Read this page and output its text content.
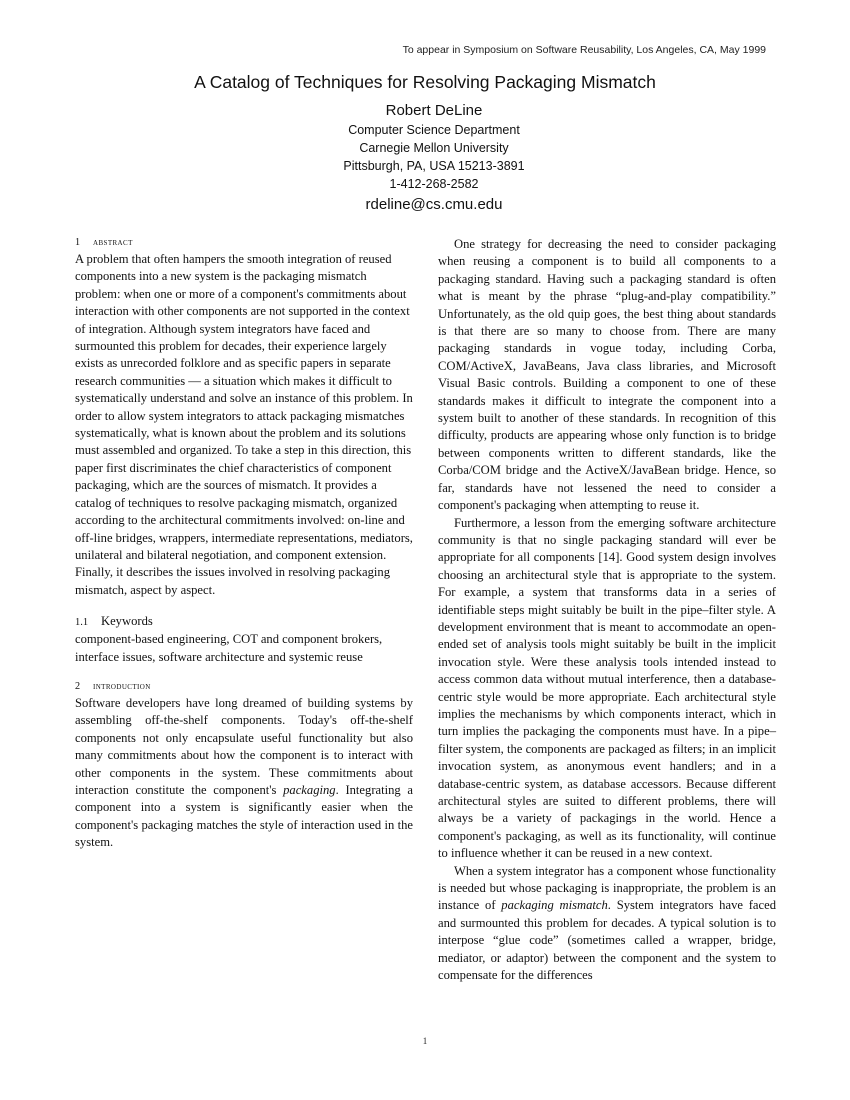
To appear in Symposium on Software Reusability, Los Angeles, CA, May 1999
A Catalog of Techniques for Resolving Packaging Mismatch
Robert DeLine
Computer Science Department
Carnegie Mellon University
Pittsburgh, PA, USA 15213-3891
1-412-268-2582
rdeline@cs.cmu.edu
1 abstract

A problem that often hampers the smooth integration of reused components into a new system is the packaging mismatch problem: when one or more of a component's commitments about interaction with other components are not supported in the context of integration. Although system integrators have faced and surmounted this problem for decades, their experience largely exists as unrecorded folklore and as specific papers in separate research communities — a situation which makes it difficult to systematically understand and solve an instance of this problem. In order to allow system integrators to attack packaging mismatches systematically, what is known about the problem and its solutions must assembled and organized. To take a step in this direction, this paper first discriminates the chief characteristics of component packaging, which are the sources of mismatch. It provides a catalog of techniques to resolve packaging mismatch, organized according to the architectural commitments involved: on-line and off-line bridges, wrappers, intermediate representations, mediators, unilateral and bilateral negotiation, and component extension. Finally, it describes the issues involved in resolving packaging mismatch, aspect by aspect.

1.1 Keywords

component-based engineering, COT and component brokers, interface issues, software architecture and systemic reuse

2 introduction

Software developers have long dreamed of building systems by assembling off-the-shelf components. Today's off-the-shelf components not only encapsulate useful functionality but also many commitments about how the component is to interact with other components in the system. These commitments about interaction constitute the component's packaging. Integrating a component into a system is significantly easier when the component's packaging matches the style of interaction used in the system.

One strategy for decreasing the need to consider packaging when reusing a component is to build all components to a packaging standard. Having such a packaging standard is often what is meant by the phrase “plug-and-play compatibility.” Unfortunately, as the old quip goes, the best thing about standards is that there are so many to choose from. There are many packaging standards in vogue today, including Corba, COM/ActiveX, JavaBeans, Java class libraries, and Microsoft Visual Basic controls. Building a component to one of these standards makes it difficult to integrate the component into a system built to another of these standards. In recognition of this difficulty, products are appearing whose only function is to bridge between components written to different standards, like the Corba/COM bridge and the ActiveX/JavaBean bridge. Hence, so far, standards have not lessened the need to consider a component's packaging when attempting to reuse it.

Furthermore, a lesson from the emerging software architecture community is that no single packaging standard will ever be appropriate for all components [14]. Good system design involves choosing an architectural style that is appropriate to the system. For example, a system that transforms data in a series of identifiable steps might suitably be built in the pipe–filter style. A development environment that is meant to accommodate an open-ended set of analysis tools might suitably be built in the implicit invocation style. Were these analysis tools intended instead to access common data without mutual interference, then a database-centric style would be more appropriate. Each architectural style implies the mechanisms by which components interact, which in turn implies the packaging the components must have. In a pipe–filter system, the components are packaged as filters; in an implicit invocation system, as anonymous event handlers; and in a database-centric system, as database accessors. Because different architectural styles are suited to different problems, there will always be a variety of packagings in the world. Hence a component's packaging, as well as its functionality, will continue to influence whether it can be reused in a new context.

When a system integrator has a component whose functionality is needed but whose packaging is inappropriate, the problem is an instance of packaging mismatch. System integrators have faced and surmounted this problem for decades. A typical solution is to interpose “glue code” (sometimes called a wrapper, bridge, mediator, or adaptor) between the component and the system to compensate for the differences

1
